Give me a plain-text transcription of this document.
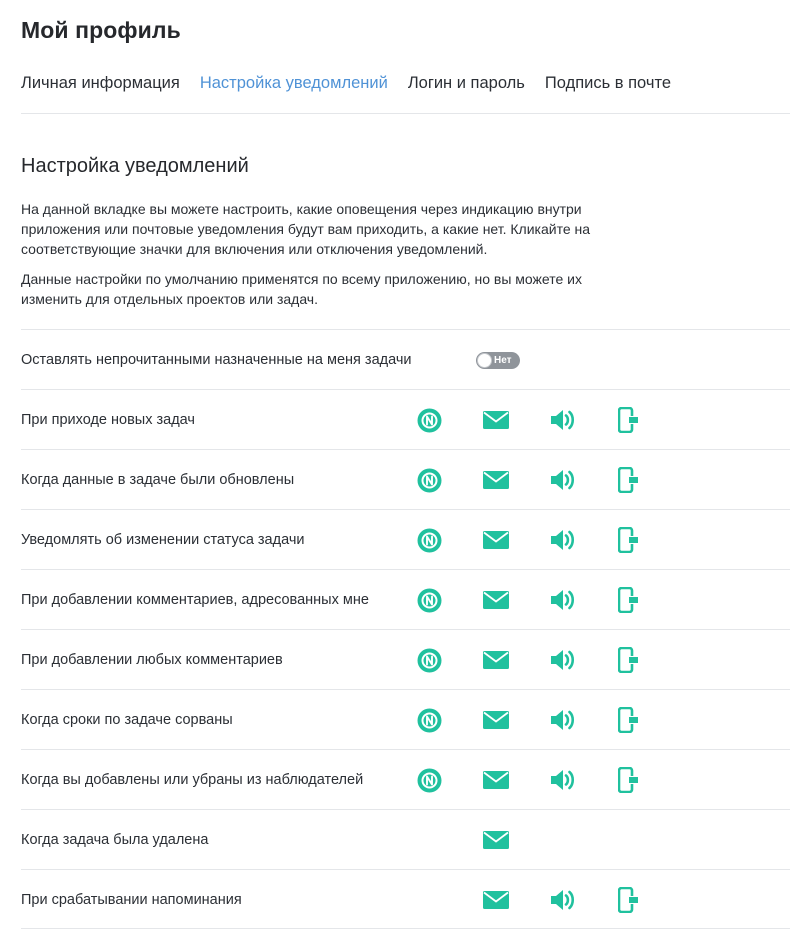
Мой профиль
Личная информация Настройка уведомлений Логин и пароль Подпись в почте
Настройка уведомлений

На данной вкладке вы можете настроить, какие оповещения через индикацию внутри приложения или почтовые уведомления будут вам приходить, а какие нет. Кликайте на соответствующие значки для включения или отключения уведомлений.

Данные настройки по умолчанию применятся по всему приложению, но вы можете их изменить для отдельных проектов или задач.

Оставлять непрочитанными назначенные на меня задачи	Нет
При приходе новых задач
Когда данные в задаче были обновлены
Уведомлять об изменении статуса задачи
При добавлении комментариев, адресованных мне
При добавлении любых комментариев
Когда сроки по задаче сорваны
Когда вы добавлены или убраны из наблюдателей
Когда задача была удалена
При срабатывании напоминания
